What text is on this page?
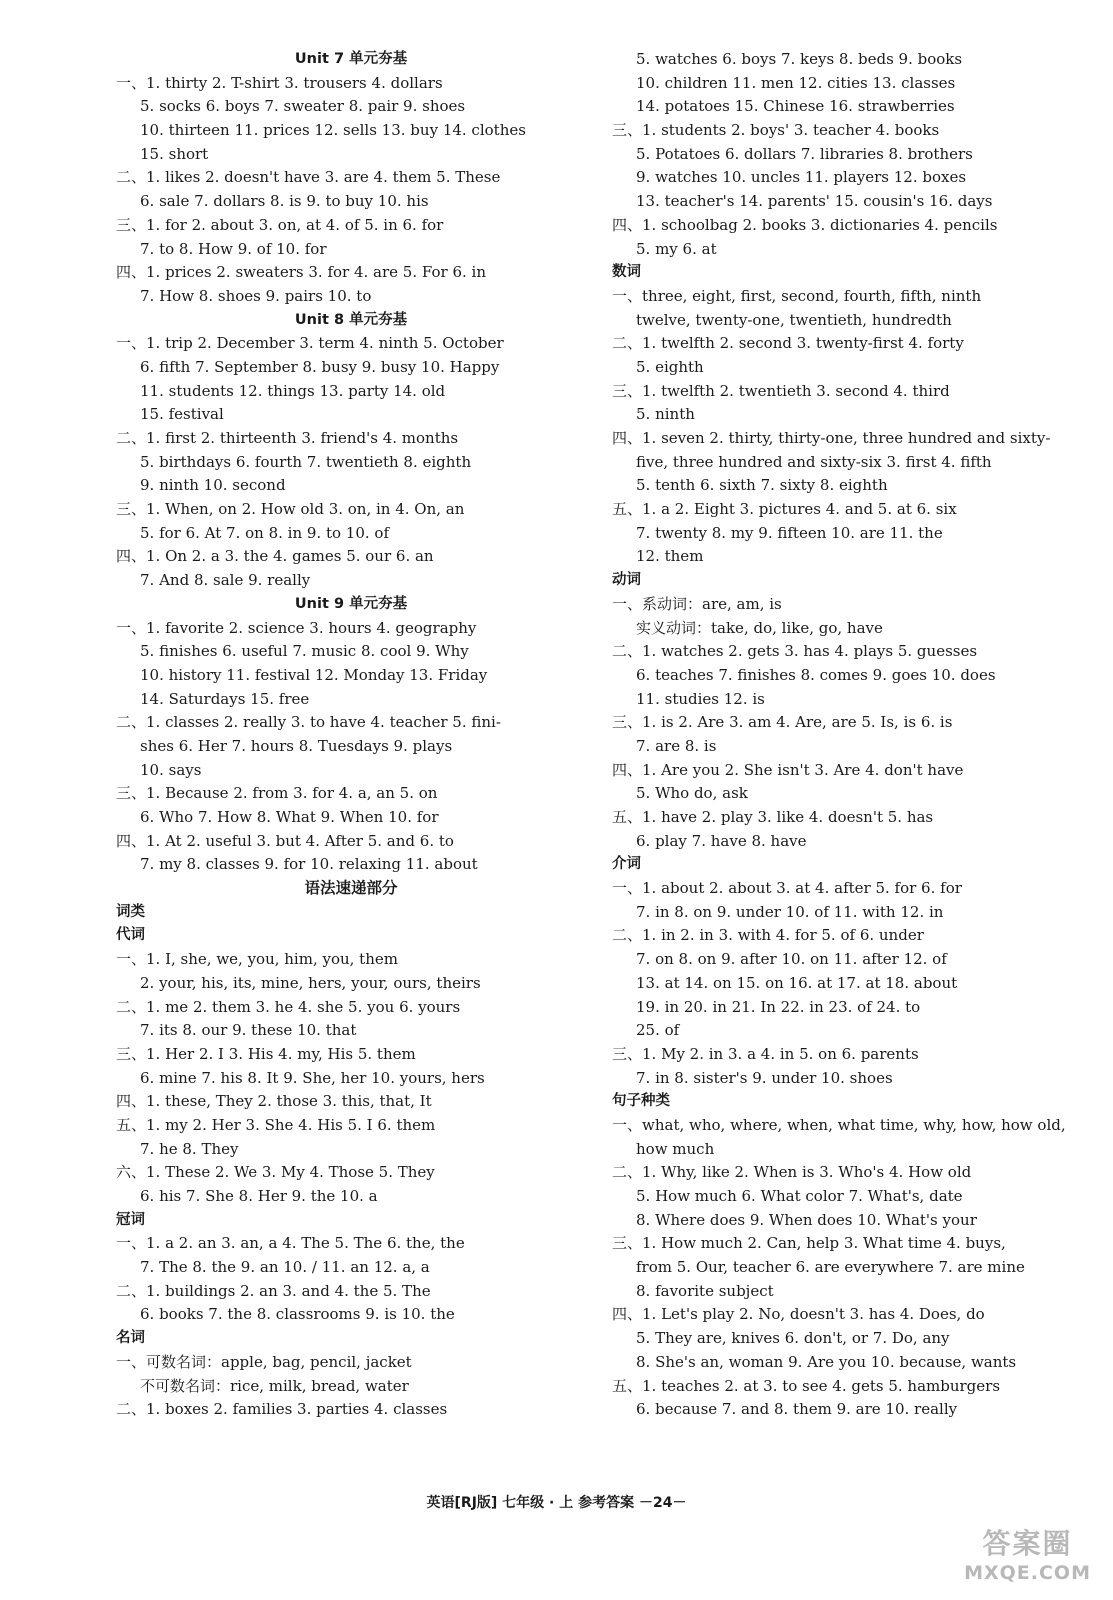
Unit 7 单元夯基
一、1. thirty 2. T-shirt 3. trousers 4. dollars
5. socks 6. boys 7. sweater 8. pair 9. shoes
10. thirteen 11. prices 12. sells 13. buy 14. clothes
15. short
二、1. likes 2. doesn't have 3. are 4. them 5. These
6. sale 7. dollars 8. is 9. to buy 10. his
三、1. for 2. about 3. on, at 4. of 5. in 6. for
7. to 8. How 9. of 10. for
四、1. prices 2. sweaters 3. for 4. are 5. For 6. in
7. How 8. shoes 9. pairs 10. to
Unit 8 单元夯基
一、1. trip 2. December 3. term 4. ninth 5. October
6. fifth 7. September 8. busy 9. busy 10. Happy
11. students 12. things 13. party 14. old
15. festival
二、1. first 2. thirteenth 3. friend's 4. months
5. birthdays 6. fourth 7. twentieth 8. eighth
9. ninth 10. second
三、1. When, on 2. How old 3. on, in 4. On, an
5. for 6. At 7. on 8. in 9. to 10. of
四、1. On 2. a 3. the 4. games 5. our 6. an
7. And 8. sale 9. really
Unit 9 单元夯基
一、1. favorite 2. science 3. hours 4. geography
5. finishes 6. useful 7. music 8. cool 9. Why
10. history 11. festival 12. Monday 13. Friday
14. Saturdays 15. free
二、1. classes 2. really 3. to have 4. teacher 5. fini-
shes 6. Her 7. hours 8. Tuesdays 9. plays
10. says
三、1. Because 2. from 3. for 4. a, an 5. on
6. Who 7. How 8. What 9. When 10. for
四、1. At 2. useful 3. but 4. After 5. and 6. to
7. my 8. classes 9. for 10. relaxing 11. about
语法速递部分
词类
代词
一、1. I, she, we, you, him, you, them
2. your, his, its, mine, hers, your, ours, theirs
二、1. me 2. them 3. he 4. she 5. you 6. yours
7. its 8. our 9. these 10. that
三、1. Her 2. I 3. His 4. my, His 5. them
6. mine 7. his 8. It 9. She, her 10. yours, hers
四、1. these, They 2. those 3. this, that, It
五、1. my 2. Her 3. She 4. His 5. I 6. them
7. he 8. They
六、1. These 2. We 3. My 4. Those 5. They
6. his 7. She 8. Her 9. the 10. a
冠词
一、1. a 2. an 3. an, a 4. The 5. The 6. the, the
7. The 8. the 9. an 10. / 11. an 12. a, a
二、1. buildings 2. an 3. and 4. the 5. The
6. books 7. the 8. classrooms 9. is 10. the
名词
一、可数名词：apple, bag, pencil, jacket
不可数名词：rice, milk, bread, water
二、1. boxes 2. families 3. parties 4. classes
5. watches 6. boys 7. keys 8. beds 9. books
10. children 11. men 12. cities 13. classes
14. potatoes 15. Chinese 16. strawberries
三、1. students 2. boys' 3. teacher 4. books
5. Potatoes 6. dollars 7. libraries 8. brothers
9. watches 10. uncles 11. players 12. boxes
13. teacher's 14. parents' 15. cousin's 16. days
四、1. schoolbag 2. books 3. dictionaries 4. pencils
5. my 6. at
数词
一、three, eight, first, second, fourth, fifth, ninth
twelve, twenty-one, twentieth, hundredth
二、1. twelfth 2. second 3. twenty-first 4. forty
5. eighth
三、1. twelfth 2. twentieth 3. second 4. third
5. ninth
四、1. seven 2. thirty, thirty-one, three hundred and sixty-
five, three hundred and sixty-six 3. first 4. fifth
5. tenth 6. sixth 7. sixty 8. eighth
五、1. a 2. Eight 3. pictures 4. and 5. at 6. six
7. twenty 8. my 9. fifteen 10. are 11. the
12. them
动词
一、系动词：are, am, is
实义动词：take, do, like, go, have
二、1. watches 2. gets 3. has 4. plays 5. guesses
6. teaches 7. finishes 8. comes 9. goes 10. does
11. studies 12. is
三、1. is 2. Are 3. am 4. Are, are 5. Is, is 6. is
7. are 8. is
四、1. Are you 2. She isn't 3. Are 4. don't have
5. Who do, ask
五、1. have 2. play 3. like 4. doesn't 5. has
6. play 7. have 8. have
介词
一、1. about 2. about 3. at 4. after 5. for 6. for
7. in 8. on 9. under 10. of 11. with 12. in
二、1. in 2. in 3. with 4. for 5. of 6. under
7. on 8. on 9. after 10. on 11. after 12. of
13. at 14. on 15. on 16. at 17. at 18. about
19. in 20. in 21. In 22. in 23. of 24. to
25. of
三、1. My 2. in 3. a 4. in 5. on 6. parents
7. in 8. sister's 9. under 10. shoes
句子种类
一、what, who, where, when, what time, why, how, how old,
how much
二、1. Why, like 2. When is 3. Who's 4. How old
5. How much 6. What color 7. What's, date
8. Where does 9. When does 10. What's your
三、1. How much 2. Can, help 3. What time 4. buys,
from 5. Our, teacher 6. are everywhere 7. are mine
8. favorite subject
四、1. Let's play 2. No, doesn't 3. has 4. Does, do
5. They are, knives 6. don't, or 7. Do, any
8. She's an, woman 9. Are you 10. because, wants
五、1. teaches 2. at 3. to see 4. gets 5. hamburgers
6. because 7. and 8. them 9. are 10. really
英语[RJ版] 七年级 · 上 参考答案 －24－
答案圈
MXQE.COM
